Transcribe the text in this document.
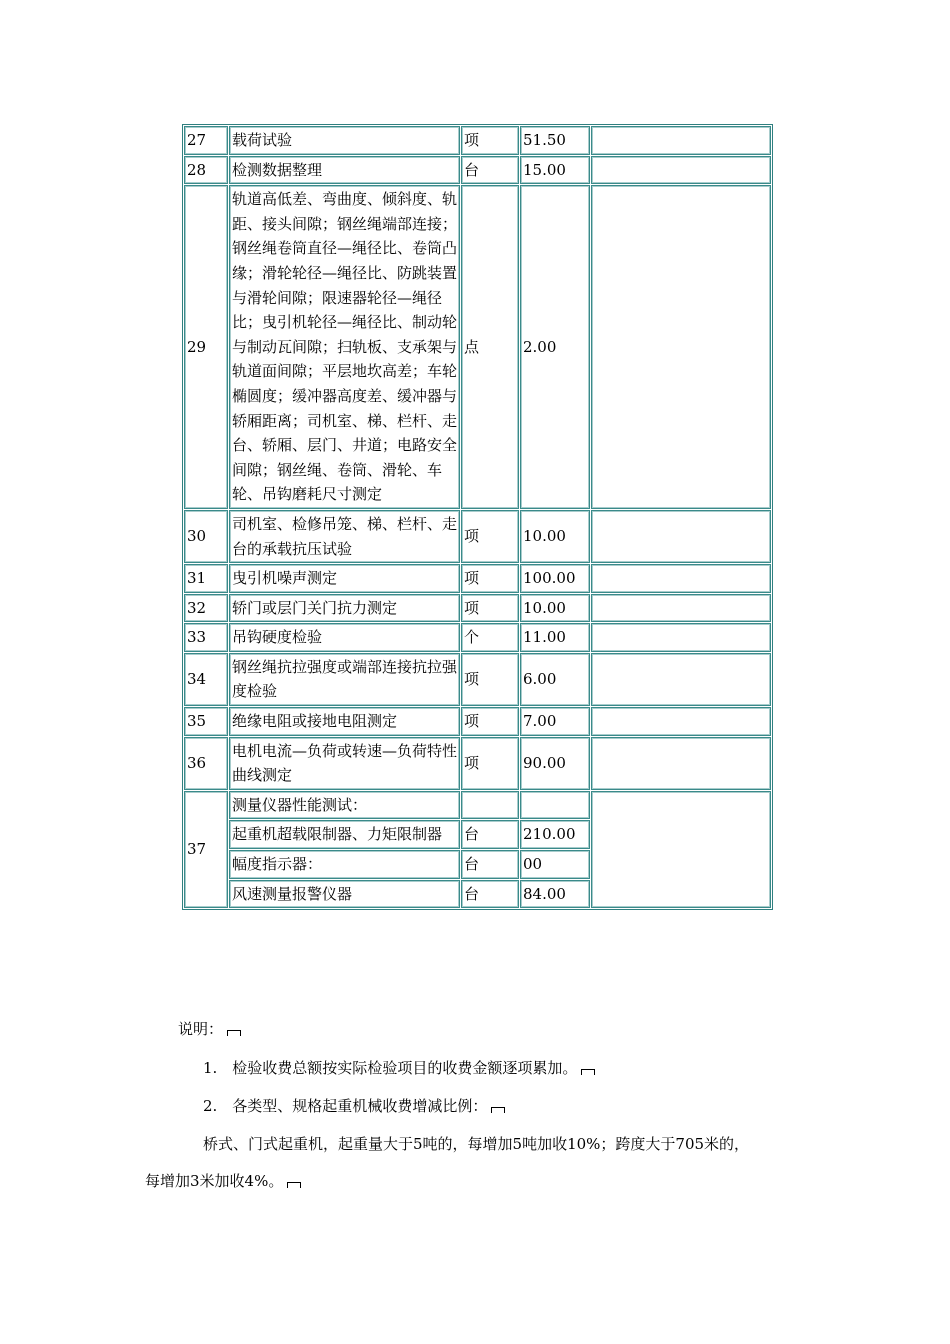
27	载荷试验	项	51.50	
28	检测数据整理	台	15.00	
29	轨道高低差、弯曲度、倾斜度、轨距、接头间隙；钢丝绳端部连接；钢丝绳卷筒直径—绳径比、卷筒凸缘；滑轮轮径—绳径比、防跳装置与滑轮间隙；限速器轮径—绳径比；曳引机轮径—绳径比、制动轮与制动瓦间隙；扫轨板、支承架与轨道面间隙；平层地坎高差；车轮椭圆度；缓冲器高度差、缓冲器与轿厢距离；司机室、梯、栏杆、走台、轿厢、层门、井道；电路安全间隙；钢丝绳、卷筒、滑轮、车轮、吊钩磨耗尺寸测定	点	2.00	
30	司机室、检修吊笼、梯、栏杆、走台的承载抗压试验	项	10.00	
31	曳引机噪声测定	项	100.00	
32	轿门或层门关门抗力测定	项	10.00	
33	吊钩硬度检验	个	11.00	
34	钢丝绳抗拉强度或端部连接抗拉强度检验	项	6.00	
35	绝缘电阻或接地电阻测定	项	7.00	
36	电机电流—负荷或转速—负荷特性曲线测定	项	90.00	
37	测量仪器性能测试：			
	起重机超载限制器、力矩限制器	台	210.00	
	幅度指示器：	台	00	
	风速测量报警仪器	台	84.00	

说明：

1.　检验收费总额按实际检验项目的收费金额逐项累加。

2.　各类型、规格起重机械收费增减比例：

桥式、门式起重机，起重量大于5吨的，每增加5吨加收10%；跨度大于705米的，

每增加3米加收4%。
